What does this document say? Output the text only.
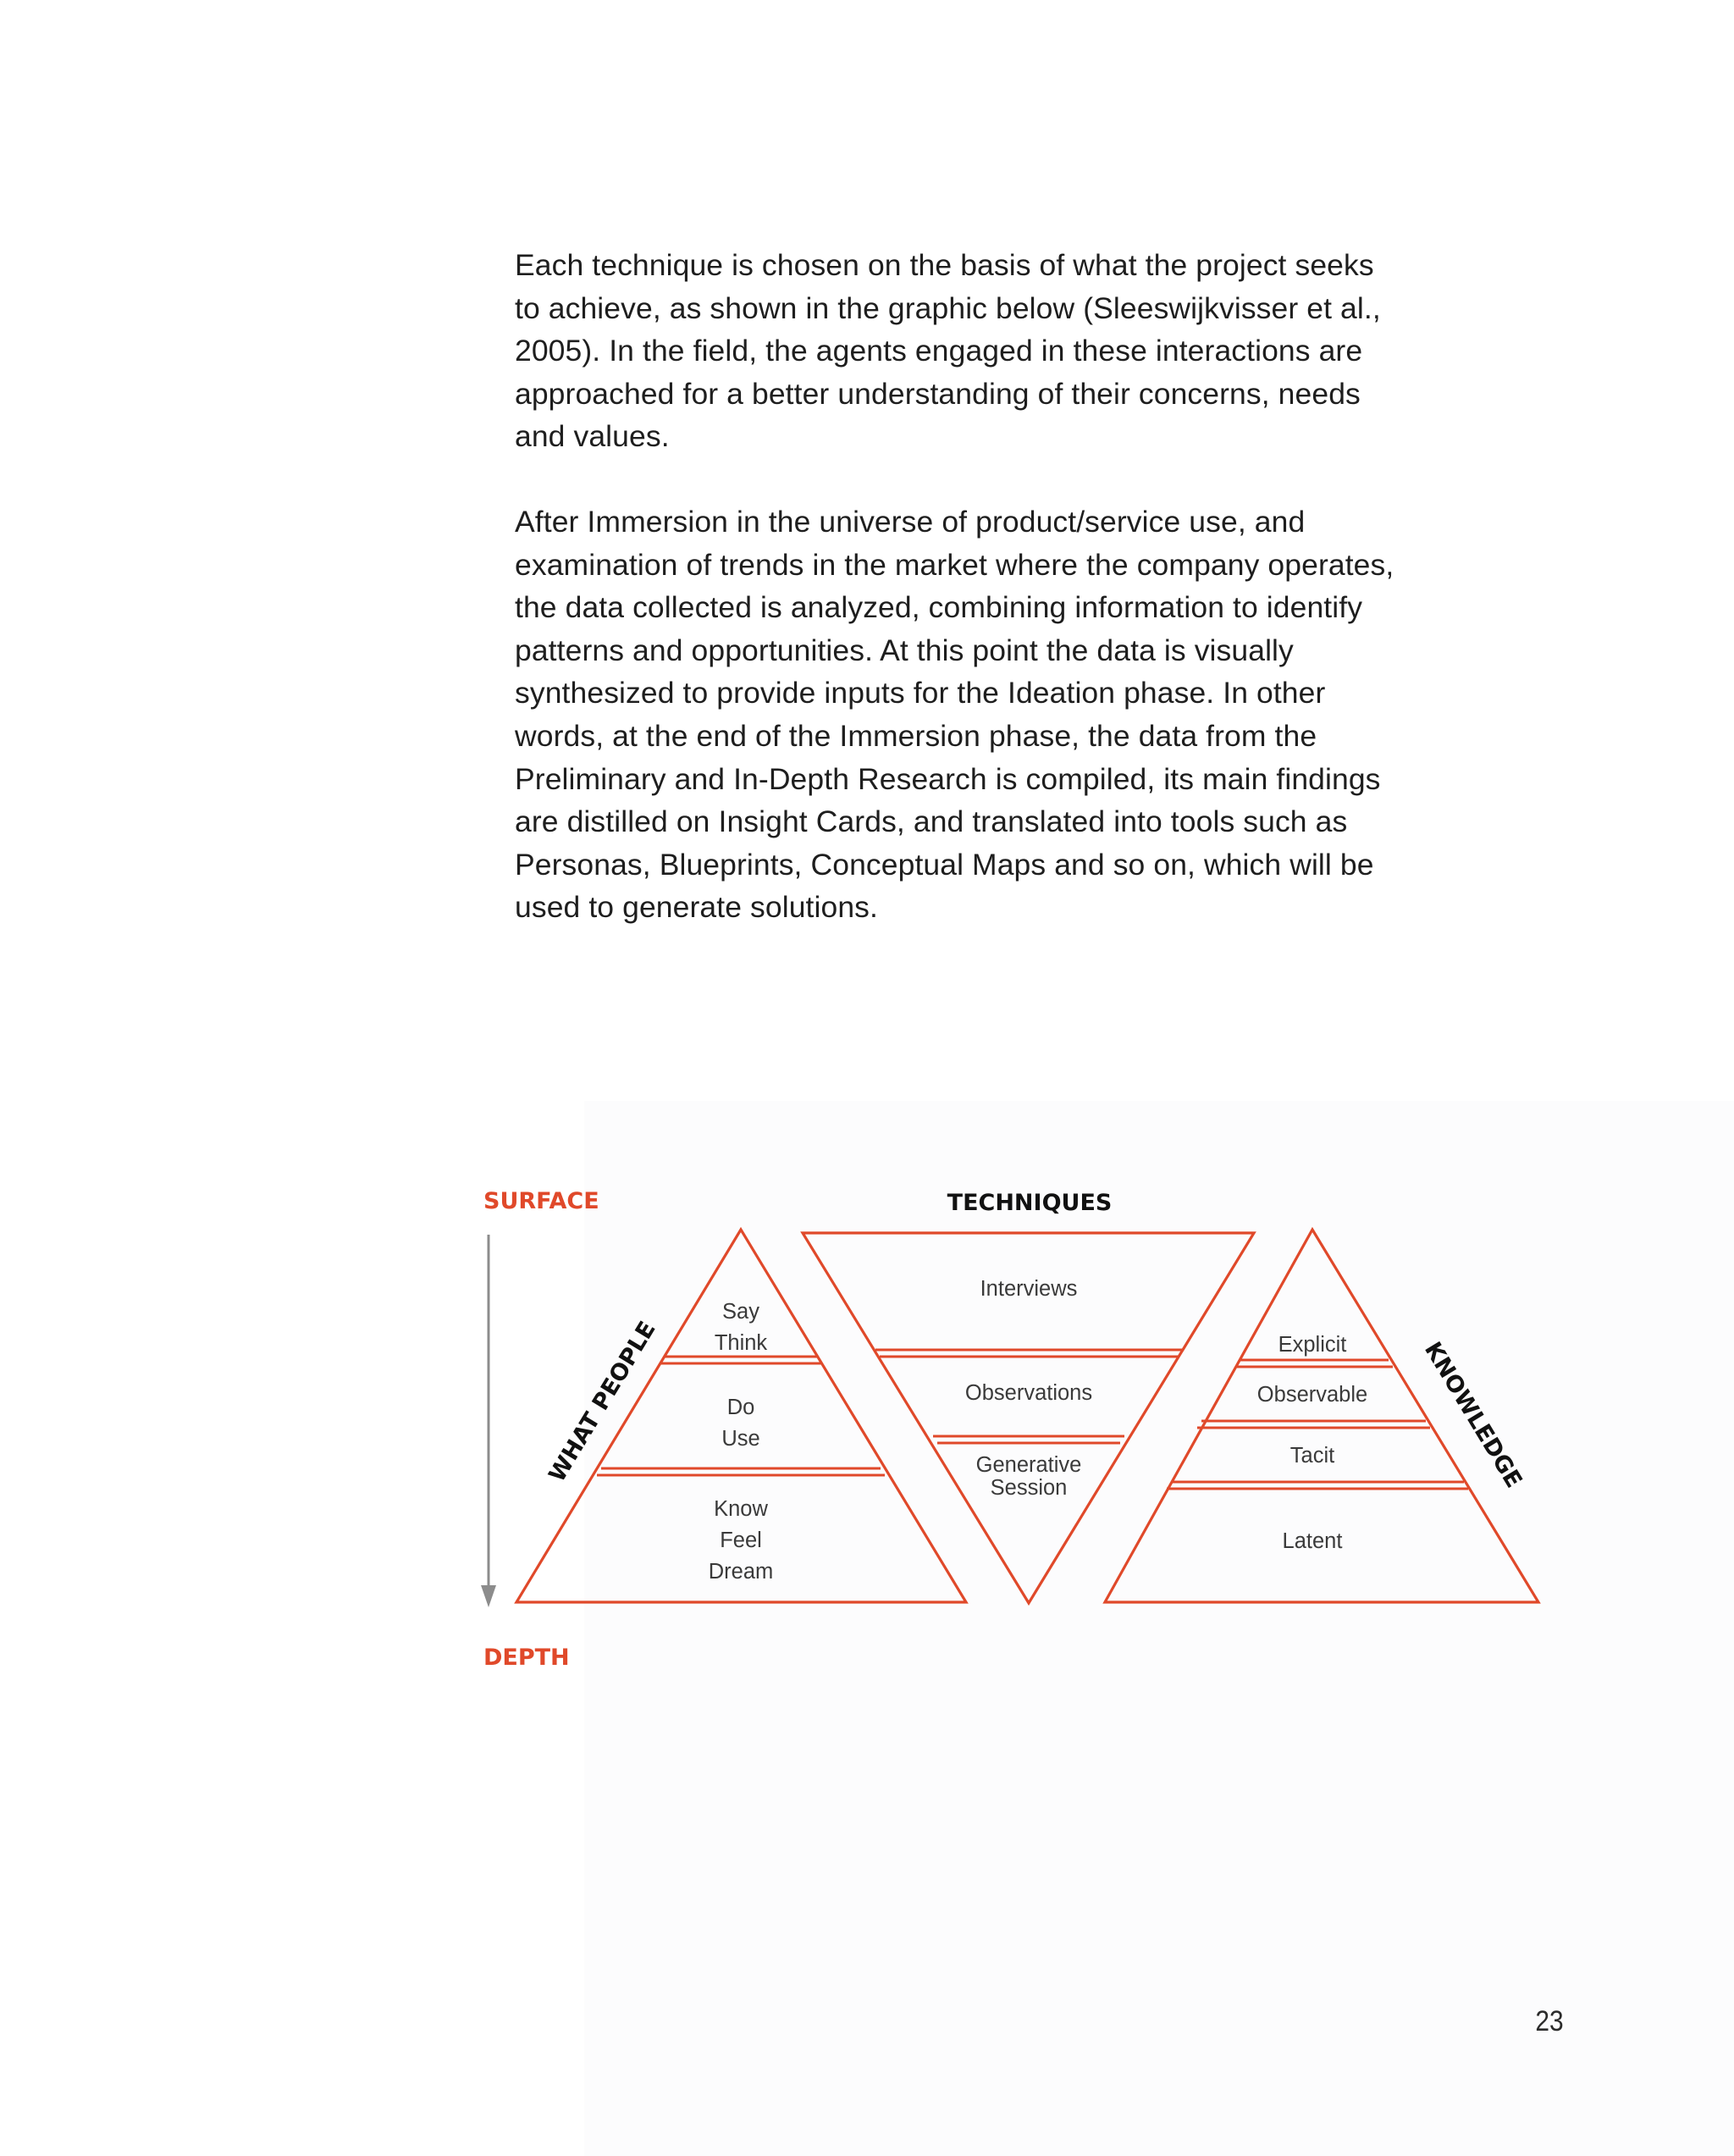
Each technique is chosen on the basis of what the project seeks
to achieve, as shown in the graphic below (Sleeswijkvisser et al.,
2005). In the field, the agents engaged in these interactions are
approached for a better understanding of their concerns, needs
and values.
After Immersion in the universe of product/service use, and
examination of trends in the market where the company operates,
the data collected is analyzed, combining information to identify
patterns and opportunities. At this point the data is visually
synthesized to provide inputs for the Ideation phase. In other
words, at the end of the Immersion phase, the data from the
Preliminary and In-Depth Research is compiled, its main findings
are distilled on Insight Cards, and translated into tools such as
Personas, Blueprints, Conceptual Maps and so on, which will be
used to generate solutions.
SURFACE
DEPTH
TECHNIQUES
Say
Think
Do
Use
Know
Feel
Dream
WHAT PEOPLE
Interviews
Observations
Generative
Session
Explicit
Observable
Tacit
Latent
KNOWLEDGE
23
